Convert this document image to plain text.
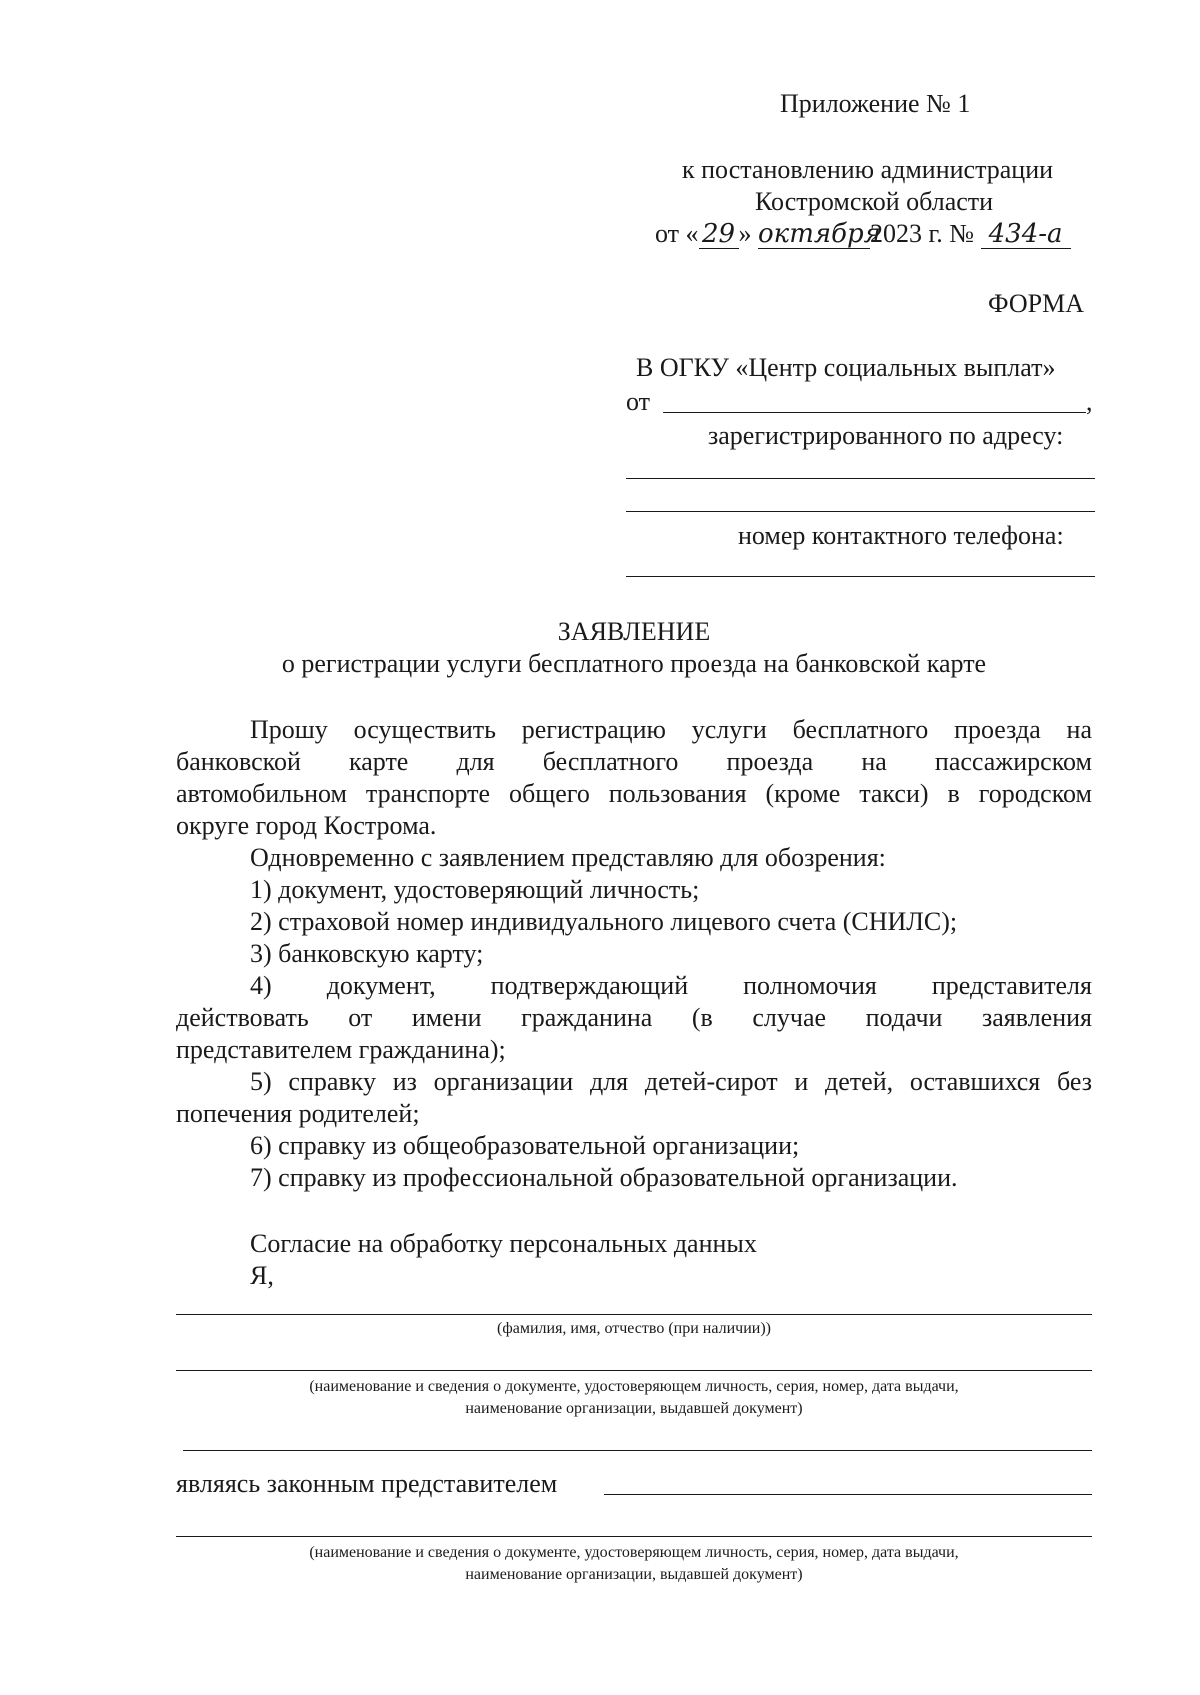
Приложение № 1
к постановлению администрации
Костромской области
от « 29 » октября2023 г. № 434-а
ФОРМА
В ОГКУ «Центр социальных выплат»
от	,
зарегистрированного по адресу:
номер контактного телефона:
ЗАЯВЛЕНИЕ
о регистрации услуги бесплатного проезда на банковской карте
Прошу осуществить регистрацию услуги бесплатного проезда на
банковской карте для бесплатного проезда на пассажирском
автомобильном транспорте общего пользования (кроме такси) в городском
округе город Кострома.
Одновременно с заявлением представляю для обозрения:
1) документ, удостоверяющий личность;
2) страховой номер индивидуального лицевого счета (СНИЛС);
3) банковскую карту;
4) документ, подтверждающий полномочия представителя
действовать от имени гражданина (в случае подачи заявления
представителем гражданина);
5) справку из организации для детей-сирот и детей, оставшихся без
попечения родителей;
6) справку из общеобразовательной организации;
7) справку из профессиональной образовательной организации.
Согласие на обработку персональных данных
Я,
(фамилия, имя, отчество (при наличии))
(наименование и сведения о документе, удостоверяющем личность, серия, номер, дата выдачи,
наименование организации, выдавшей документ)
являясь законным представителем
(наименование и сведения о документе, удостоверяющем личность, серия, номер, дата выдачи,
наименование организации, выдавшей документ)
